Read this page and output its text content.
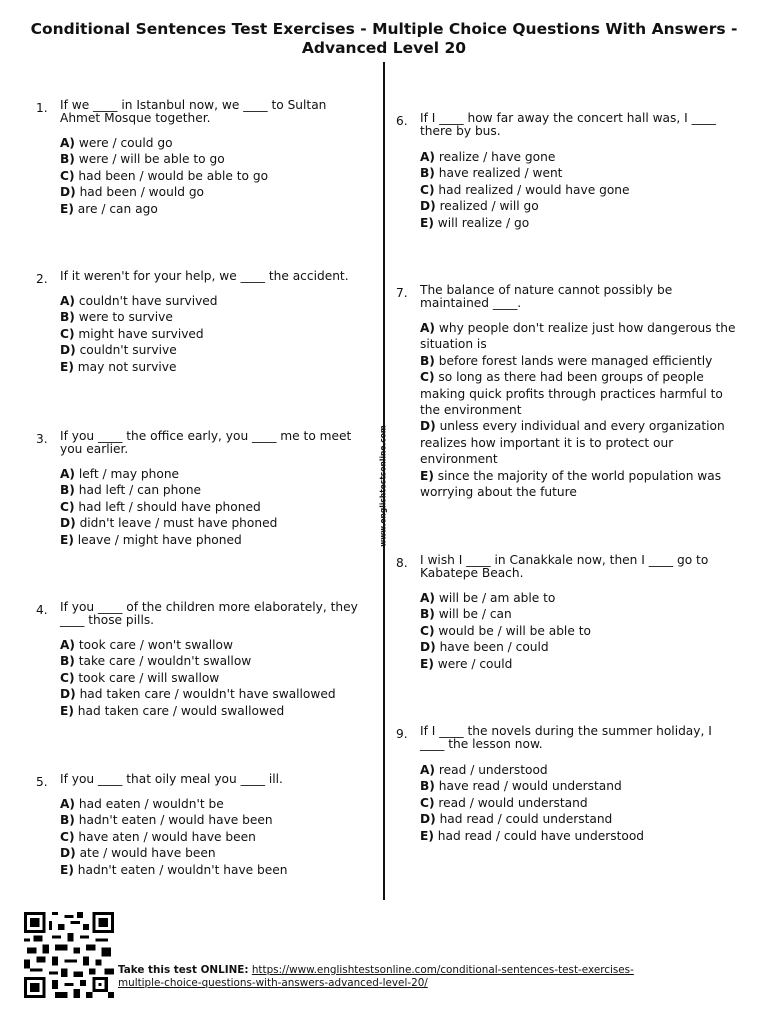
Conditional Sentences Test Exercises - Multiple Choice Questions With Answers -
Advanced Level 20
www.englishtestsonline.com
1. If we ____ in Istanbul now, we ____ to Sultan Ahmet Mosque together.
A) were / could go
B) were / will be able to go
C) had been / would be able to go
D) had been / would go
E) are / can ago
2. If it weren't for your help, we ____ the accident.
A) couldn't have survived
B) were to survive
C) might have survived
D) couldn't survive
E) may not survive
3. If you ____ the office early, you ____ me to meet you earlier.
A) left / may phone
B) had left / can phone
C) had left / should have phoned
D) didn't leave / must have phoned
E) leave / might have phoned
4. If you ____ of the children more elaborately, they ____ those pills.
A) took care / won't swallow
B) take care / wouldn't swallow
C) took care / will swallow
D) had taken care / wouldn't have swallowed
E) had taken care / would swallowed
5. If you ____ that oily meal you ____ ill.
A) had eaten / wouldn't be
B) hadn't eaten / would have been
C) have aten / would have been
D) ate / would have been
E) hadn't eaten / wouldn't have been
6. If I ____ how far away the concert hall was, I ____ there by bus.
A) realize / have gone
B) have realized / went
C) had realized / would have gone
D) realized / will go
E) will realize / go
7. The balance of nature cannot possibly be maintained ____.
A) why people don't realize just how dangerous the situation is
B) before forest lands were managed efficiently
C) so long as there had been groups of people making quick profits through practices harmful to the environment
D) unless every individual and every organization realizes how important it is to protect our environment
E) since the majority of the world population was worrying about the future
8. I wish I ____ in Canakkale now, then I ____ go to Kabatepe Beach.
A) will be / am able to
B) will be / can
C) would be / will be able to
D) have been / could
E) were / could
9. If I ____ the novels during the summer holiday, I ____ the lesson now.
A) read / understood
B) have read / would understand
C) read / would understand
D) had read / could understand
E) had read / could have understood
Take this test ONLINE: https://www.englishtestsonline.com/conditional-sentences-test-exercises-multiple-choice-questions-with-answers-advanced-level-20/
